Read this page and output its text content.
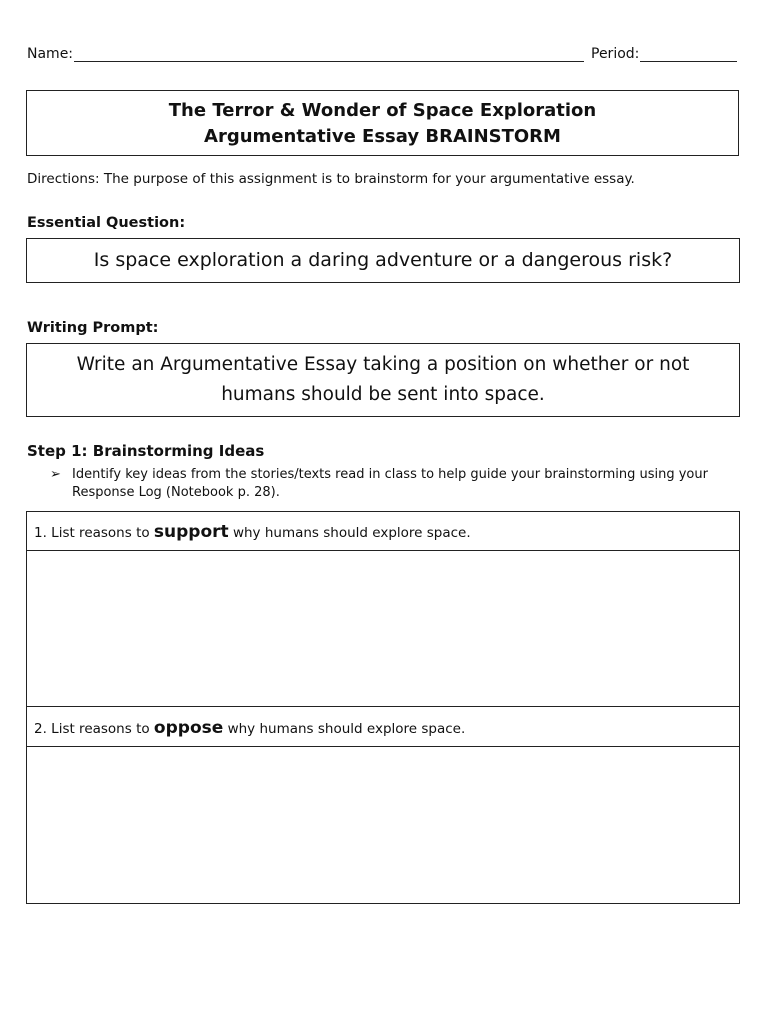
Name:	Period:
The Terror & Wonder of Space Exploration
Argumentative Essay BRAINSTORM
Directions: The purpose of this assignment is to brainstorm for your argumentative essay.
Essential Question:
Is space exploration a daring adventure or a dangerous risk?
Writing Prompt:
Write an Argumentative Essay taking a position on whether or not humans should be sent into space.
Step 1: Brainstorming Ideas
➢ Identify key ideas from the stories/texts read in class to help guide your brainstorming using your Response Log (Notebook p. 28).
1. List reasons to support why humans should explore space.
2. List reasons to oppose why humans should explore space.
